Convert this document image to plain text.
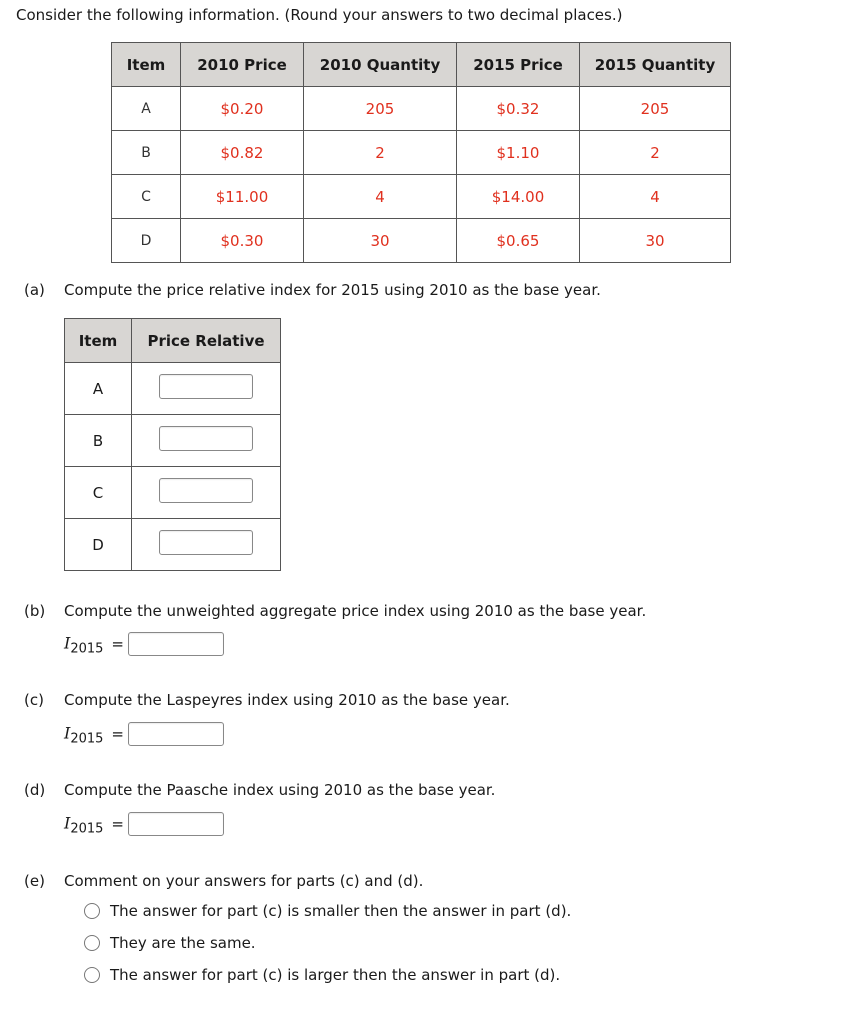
Consider the following information. (Round your answers to two decimal places.)
Item	2010 Price	2010 Quantity	2015 Price	2015 Quantity
A	$0.20	205	$0.32	205
B	$0.82	2	$1.10	2
C	$11.00	4	$14.00	4
D	$0.30	30	$0.65	30
(a) Compute the price relative index for 2015 using 2010 as the base year.
Item	Price Relative
A	
B	
C	
D	
(b) Compute the unweighted aggregate price index using 2010 as the base year.
$I_{2015}$ =
(c) Compute the Laspeyres index using 2010 as the base year.
$I_{2015}$ =
(d) Compute the Paasche index using 2010 as the base year.
$I_{2015}$ =
(e) Comment on your answers for parts (c) and (d).
The answer for part (c) is smaller then the answer in part (d).
They are the same.
The answer for part (c) is larger then the answer in part (d).
